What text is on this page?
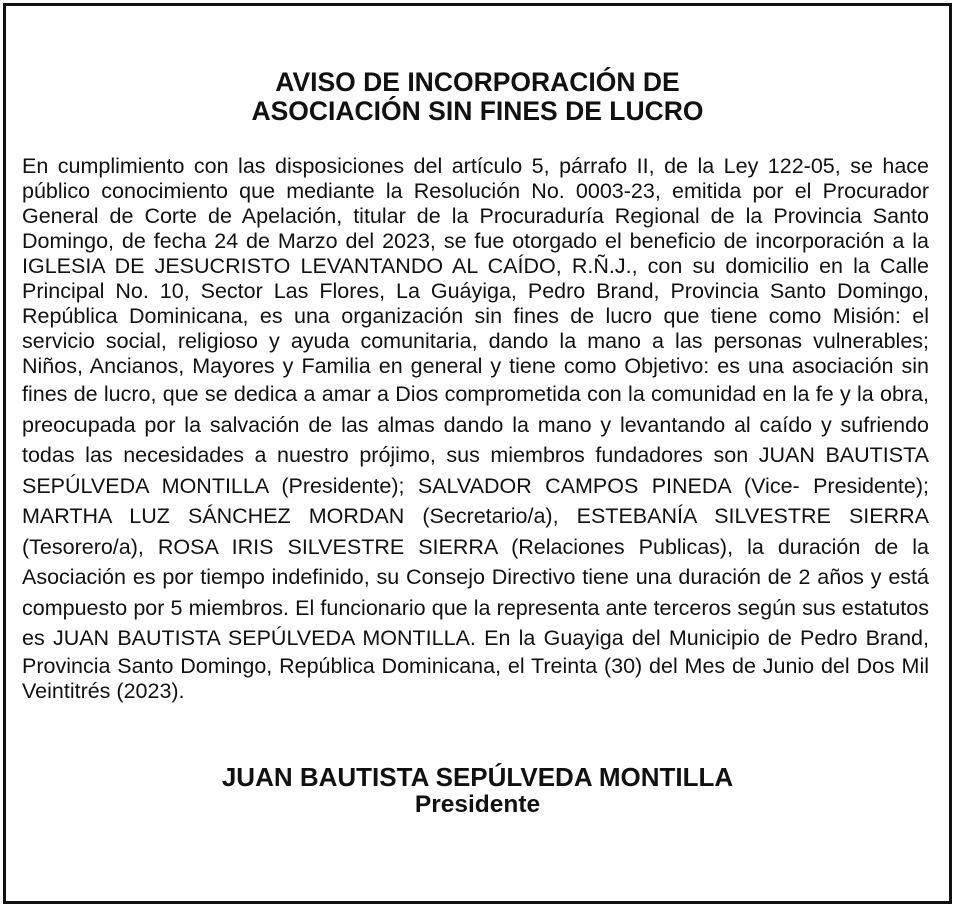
AVISO DE INCORPORACIÓN DE
ASOCIACIÓN SIN FINES DE LUCRO

En cumplimiento con las disposiciones del artículo 5, párrafo II, de la Ley 122-05, se hace público conocimiento que mediante la Resolución No. 0003-23, emitida por el Procurador General de Corte de Apelación, titular de la Procuraduría Regional de la Provincia Santo Domingo, de fecha 24 de Marzo del 2023, se fue otorgado el beneficio de incorporación a la IGLESIA DE JESUCRISTO LEVANTANDO AL CAÍDO, R.Ñ.J., con su domicilio en la Calle Principal No. 10, Sector Las Flores, La Guáyiga, Pedro Brand, Provincia Santo Domingo, República Dominicana, es una organización sin fines de lucro que tiene como Misión: el servicio social, religioso y ayuda comunitaria, dando la mano a las personas vulnerables; Niños, Ancianos, Mayores y Familia en general y tiene como Objetivo: es una asociación sin fines de lucro, que se dedica a amar a Dios comprometida con la comunidad en la fe y la obra, preocupada por la salvación de las almas dando la mano y levantando al caído y sufriendo todas las necesidades a nuestro prójimo, sus miembros fundadores son JUAN BAUTISTA SEPÚLVEDA MONTILLA (Presidente); SALVADOR CAMPOS PINEDA (Vice- Presidente); MARTHA LUZ SÁNCHEZ MORDAN (Secretario/a), ESTEBANÍA SILVESTRE SIERRA (Tesorero/a), ROSA IRIS SILVESTRE SIERRA (Relaciones Publicas), la duración de la Asociación es por tiempo indefinido, su Consejo Directivo tiene una duración de 2 años y está compuesto por 5 miembros. El funcionario que la representa ante terceros según sus estatutos es JUAN BAUTISTA SEPÚLVEDA MONTILLA. En la Guayiga del Municipio de Pedro Brand, Provincia Santo Domingo, República Dominicana, el Treinta (30) del Mes de Junio del Dos Mil Veintitrés (2023).

JUAN BAUTISTA SEPÚLVEDA MONTILLA
Presidente
